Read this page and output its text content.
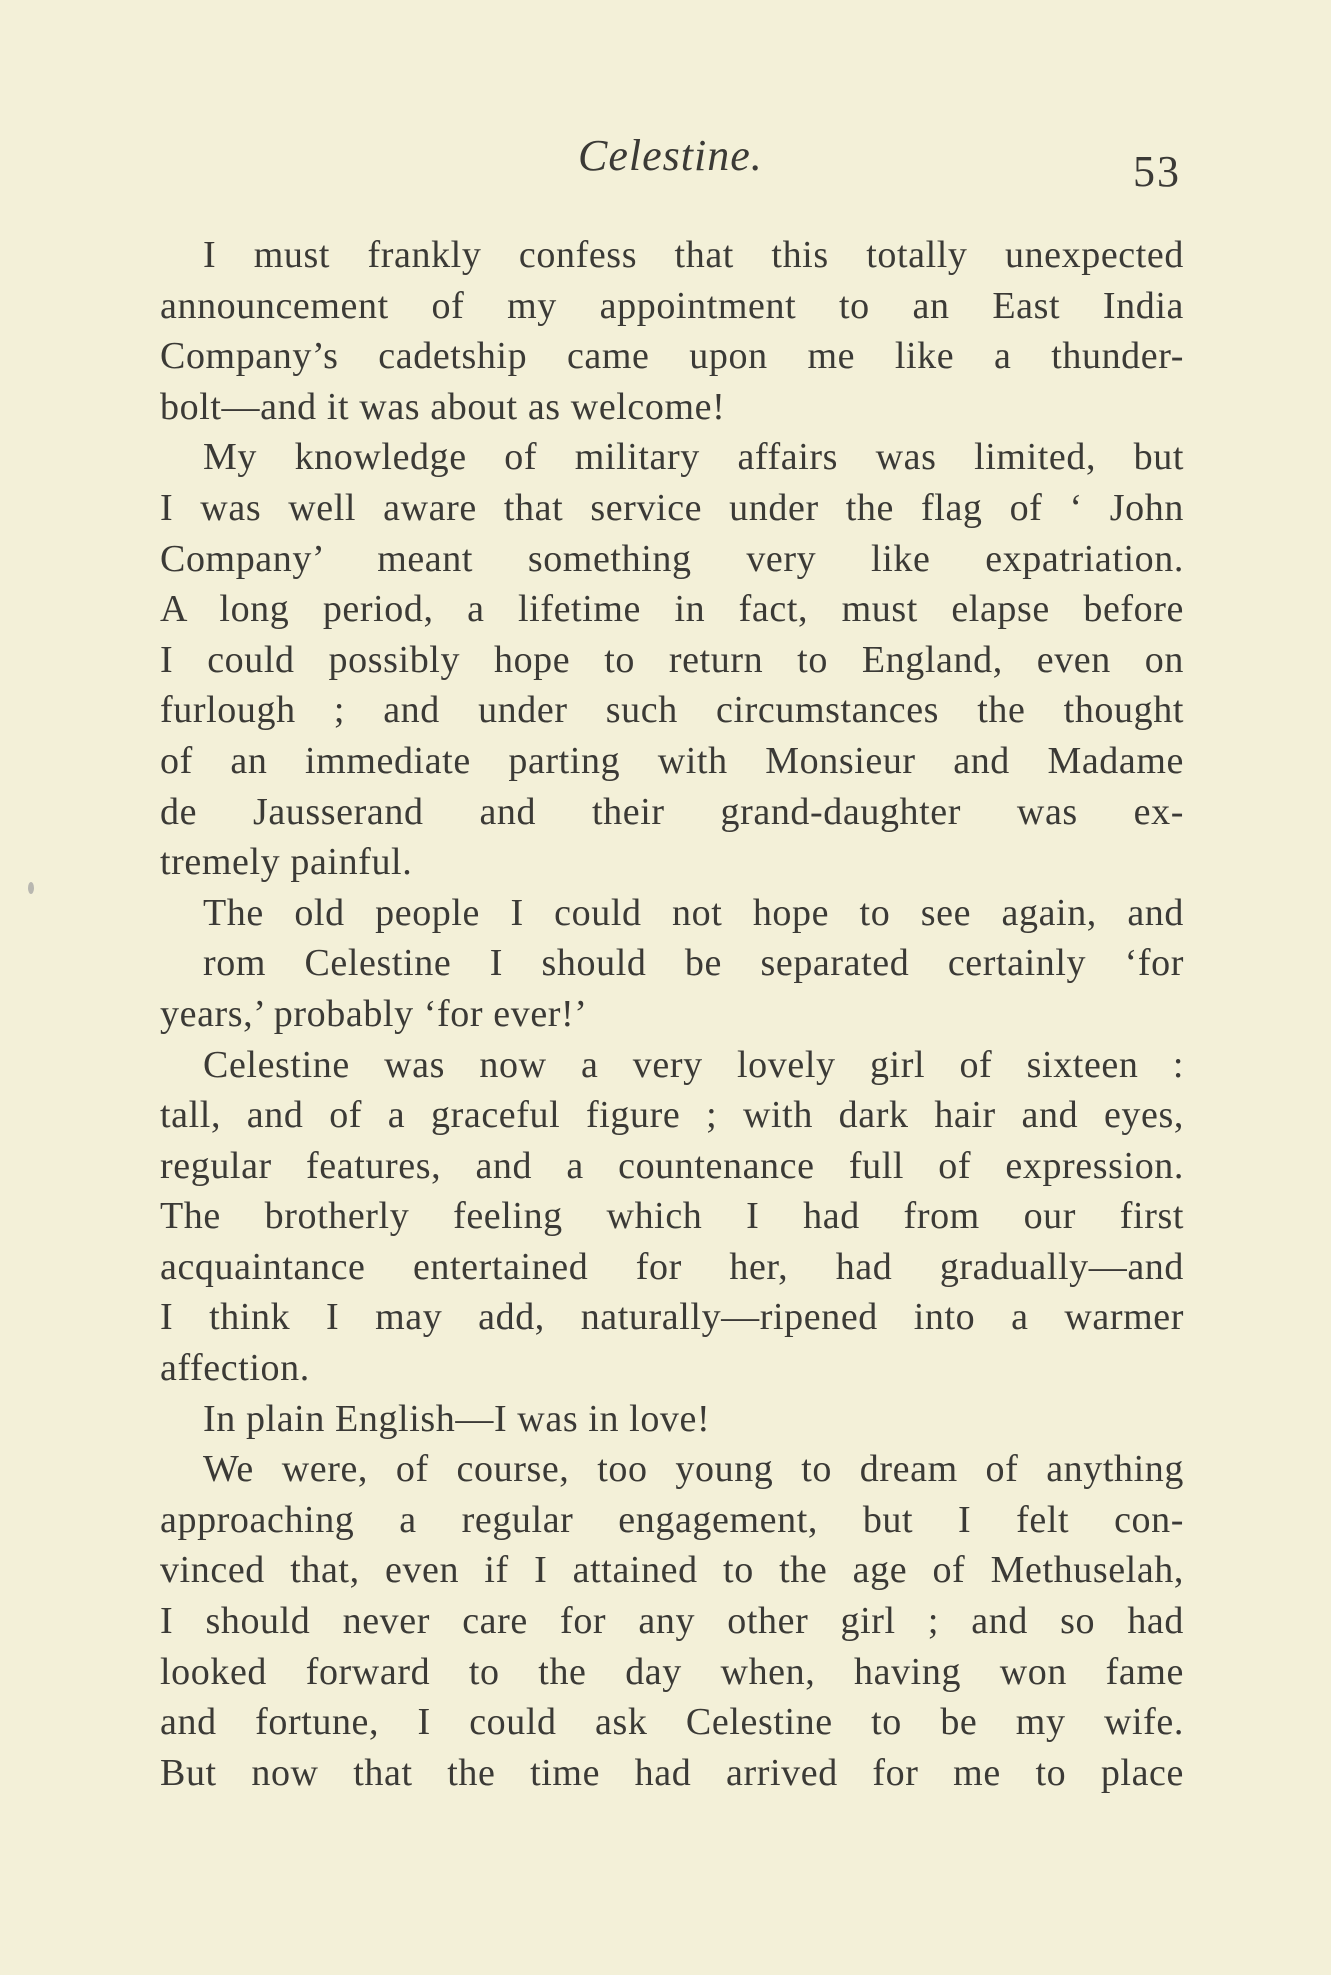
Celestine.	53
I must frankly confess that this totally unexpected
announcement of my appointment to an East India
Company’s cadetship came upon me like a thunder-
bolt—and it was about as welcome!
My knowledge of military affairs was limited, but
I was well aware that service under the flag of ‘ John
Company’ meant something very like expatriation.
A long period, a lifetime in fact, must elapse before
I could possibly hope to return to England, even on
furlough ; and under such circumstances the thought
of an immediate parting with Monsieur and Madame
de Jausserand and their grand-daughter was ex-
tremely painful.
The old people I could not hope to see again, and
rom Celestine I should be separated certainly ‘for
years,’ probably ‘for ever!’
Celestine was now a very lovely girl of sixteen :
tall, and of a graceful figure ; with dark hair and eyes,
regular features, and a countenance full of expression.
The brotherly feeling which I had from our first
acquaintance entertained for her, had gradually—and
I think I may add, naturally—ripened into a warmer
affection.
In plain English—I was in love!
We were, of course, too young to dream of anything
approaching a regular engagement, but I felt con-
vinced that, even if I attained to the age of Methuselah,
I should never care for any other girl ; and so had
looked forward to the day when, having won fame
and fortune, I could ask Celestine to be my wife.
But now that the time had arrived for me to place
